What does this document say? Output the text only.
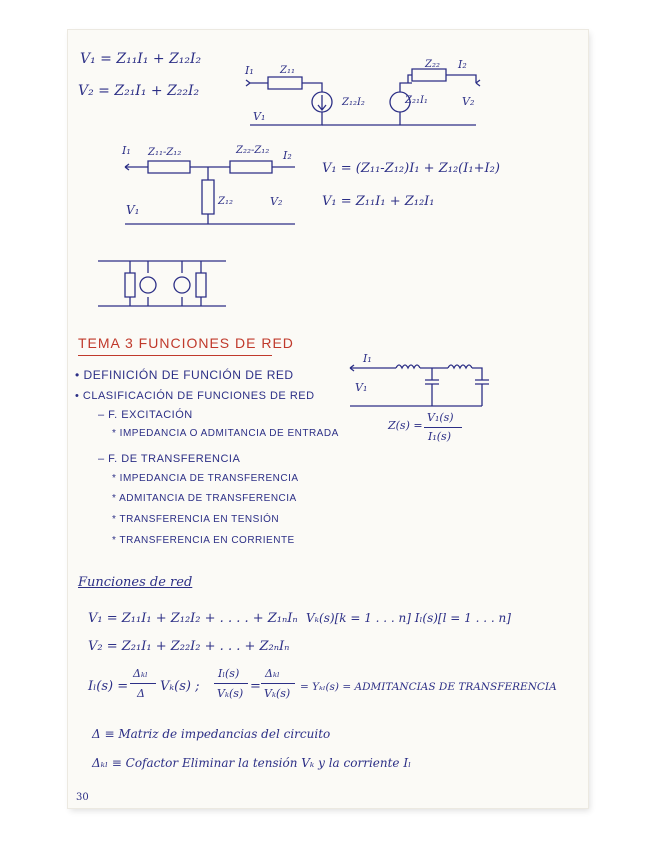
V₁ = Z₁₁I₁ + Z₁₂I₂
V₂ = Z₂₁I₁ + Z₂₂I₂
I₁	Z₁₁
Z₁₂I₂
V₁
Z₂₂ I₂
Z₂₁I₁	V₂
I₁ Z₁₁-Z₁₂	Z₂₂-Z₁₂ I₂
Z₁₂
V₁
V₂
V₁ = (Z₁₁-Z₁₂)I₁ + Z₁₂(I₁+I₂)
V₁ = Z₁₁I₁ + Z₁₂I₁
TEMA 3 FUNCIONES DE RED
• DEFINICIÓN DE FUNCIÓN DE RED
• CLASIFICACIÓN DE FUNCIONES DE RED
– F. EXCITACIÓN
* IMPEDANCIA O ADMITANCIA DE ENTRADA
– F. DE TRANSFERENCIA
* IMPEDANCIA DE TRANSFERENCIA
* ADMITANCIA DE TRANSFERENCIA
* TRANSFERENCIA EN TENSIÓN
* TRANSFERENCIA EN CORRIENTE
I₁
V₁
Z(s) =
V₁(s)
I₁(s)
Funciones de red
V₁ = Z₁₁I₁ + Z₁₂I₂ + . . . . + Z₁ₙIₙ Vₖ(s)[k = 1 . . . n] Iₗ(s)[l = 1 . . . n]
V₂ = Z₂₁I₁ + Z₂₂I₂ + . . . + Z₂ₙIₙ
Iₗ(s) =
Δₖₗ
Δ Vₖ(s) ;
Iₗ(s)
Vₖ(s) =
Δₖₗ
Vₖ(s) = Yₖₗ(s) = ADMITANCIAS DE TRANSFERENCIA
Δ ≡ Matriz de impedancias del circuito
Δₖₗ ≡ Cofactor Eliminar la tensión Vₖ y la corriente Iₗ
30
